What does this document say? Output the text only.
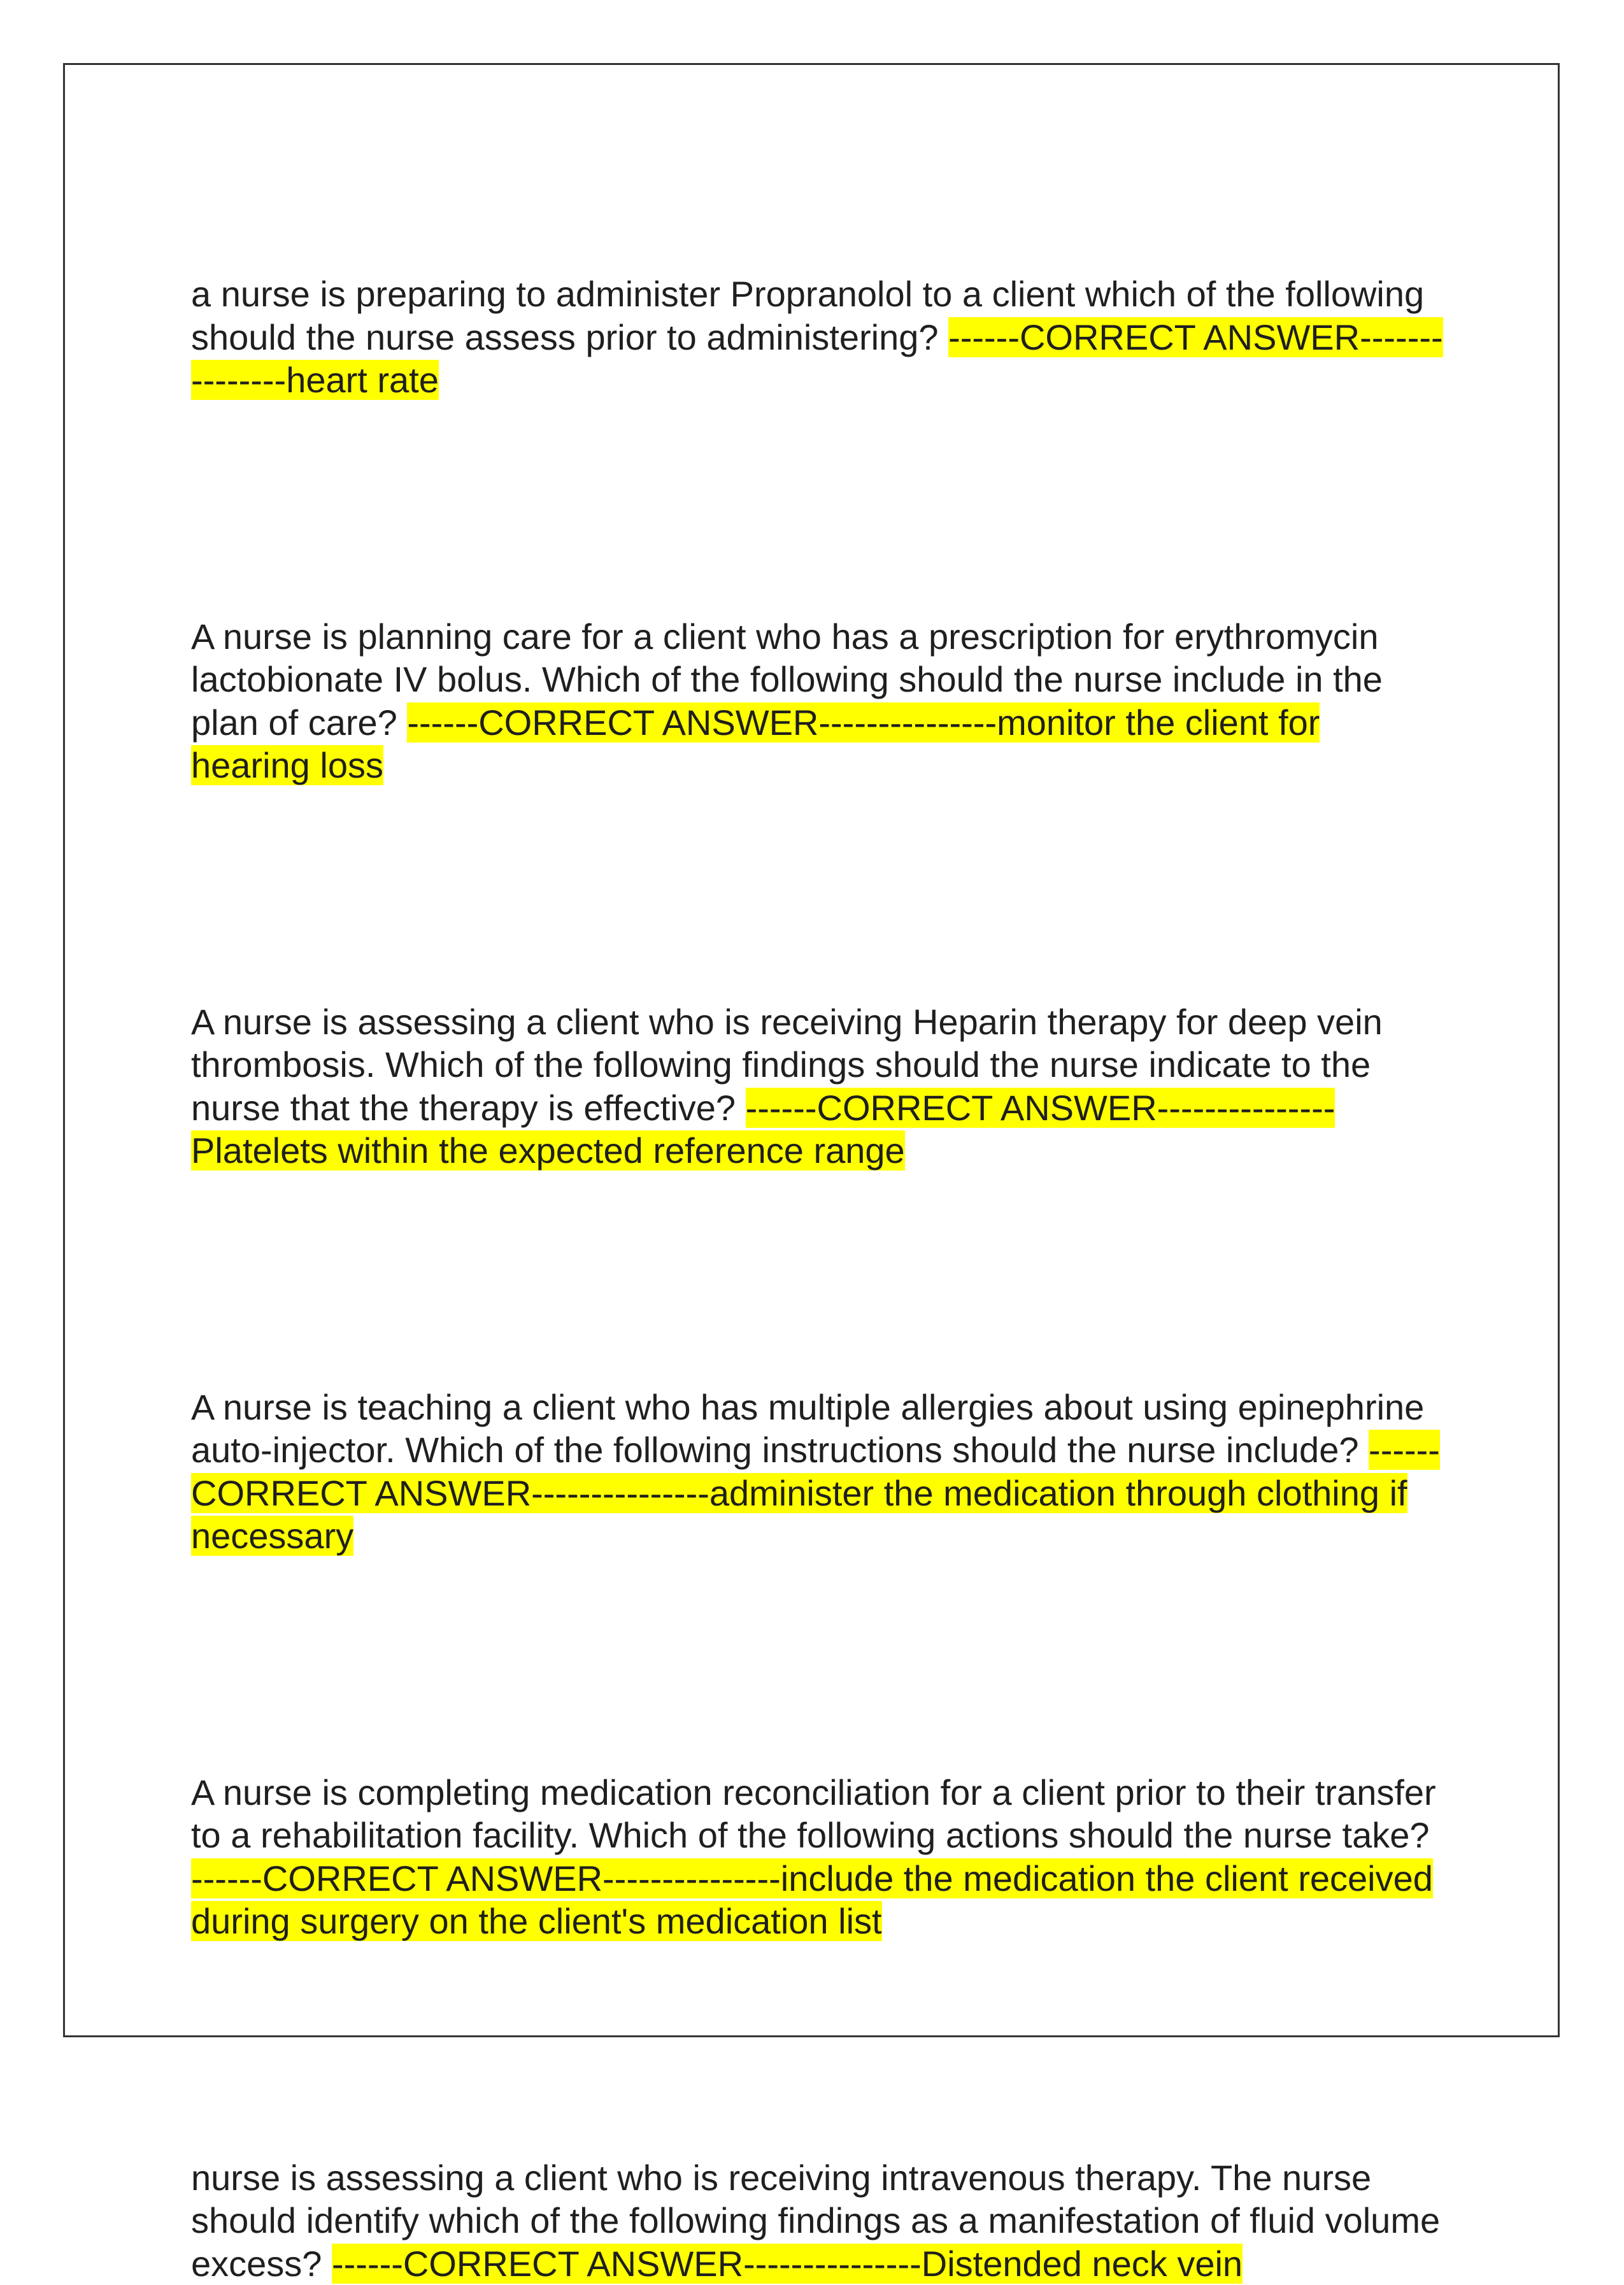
a nurse is preparing to administer Propranolol to a client which of the following should the nurse assess prior to administering? ------CORRECT ANSWER---------------heart rate

A nurse is planning care for a client who has a prescription for erythromycin lactobionate IV bolus. Which of the following should the nurse include in the plan of care? ------CORRECT ANSWER---------------monitor the client for hearing loss

A nurse is assessing a client who is receiving Heparin therapy for deep vein thrombosis. Which of the following findings should the nurse indicate to the nurse that the therapy is effective? ------CORRECT ANSWER---------------Platelets within the expected reference range

A nurse is teaching a client who has multiple allergies about using epinephrine auto-injector. Which of the following instructions should the nurse include? ------CORRECT ANSWER---------------administer the medication through clothing if necessary

A nurse is completing medication reconciliation for a client prior to their transfer to a rehabilitation facility. Which of the following actions should the nurse take? ------CORRECT ANSWER---------------include the medication the client received during surgery on the client's medication list

nurse is assessing a client who is receiving intravenous therapy. The nurse should identify which of the following findings as a manifestation of fluid volume excess? ------CORRECT ANSWER---------------Distended neck vein
